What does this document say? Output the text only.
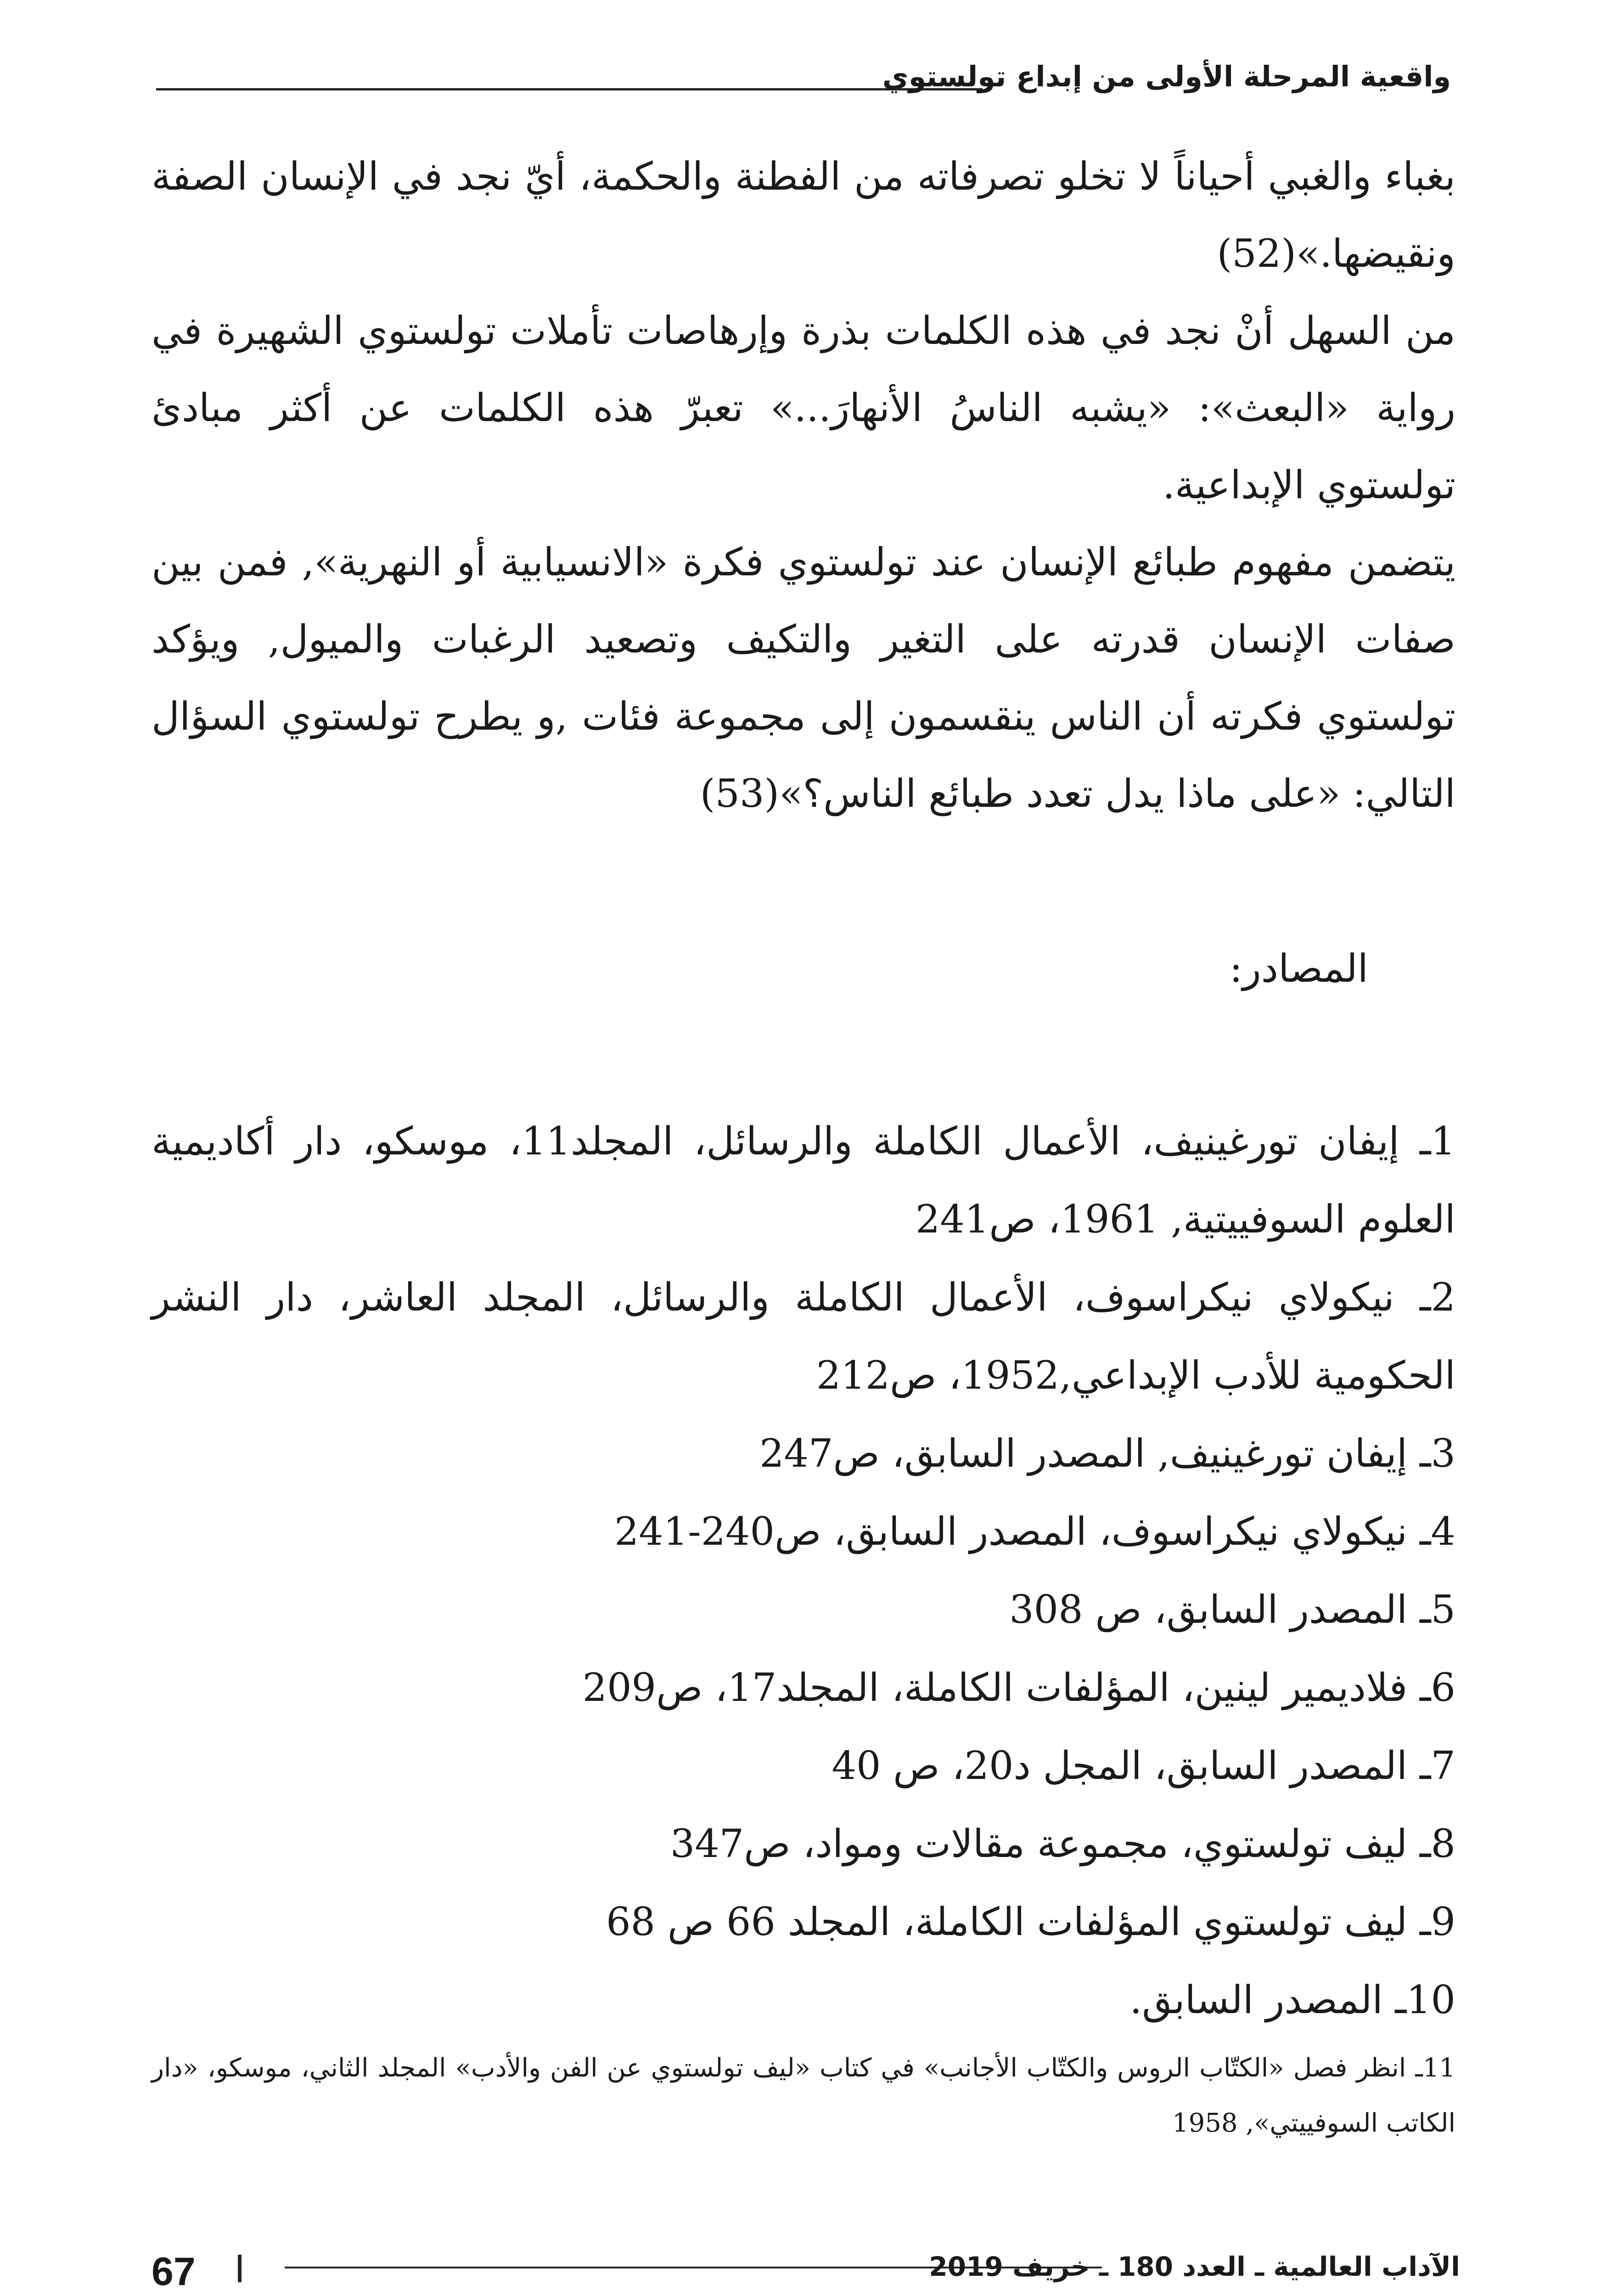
واقعية المرحلة الأولى من إبداع تولستوي

بغباء والغبي أحياناً لا تخلو تصرفاته من الفطنة والحكمة، أيّ نجد في الإنسان الصفة ونقيضها.»(52)

من السهل أنْ نجد في هذه الكلمات بذرة وإرهاصات تأملات تولستوي الشهيرة في رواية «البعث»: «يشبه الناسُ الأنهارَ...» تعبرّ هذه الكلمات عن أكثر مبادئ تولستوي الإبداعية.

يتضمن مفهوم طبائع الإنسان عند تولستوي فكرة «الانسيابية أو النهرية», فمن بين صفات الإنسان قدرته على التغير والتكيف وتصعيد الرغبات والميول, ويؤكد تولستوي فكرته أن الناس ينقسمون إلى مجموعة فئات ,و يطرح تولستوي السؤال التالي: «على ماذا يدل تعدد طبائع الناس؟»(53)

المصادر:

1ـ إيفان تورغينيف، الأعمال الكاملة والرسائل، المجلد11، موسكو، دار أكاديمية العلوم السوفييتية, 1961، ص241

2ـ نيكولاي نيكراسوف، الأعمال الكاملة والرسائل، المجلد العاشر، دار النشر الحكومية للأدب الإبداعي,1952، ص212

3ـ إيفان تورغينيف, المصدر السابق، ص247

4ـ نيكولاي نيكراسوف، المصدر السابق، ص240-241

5ـ المصدر السابق، ص 308

6ـ فلاديمير لينين، المؤلفات الكاملة، المجلد17، ص209

7ـ المصدر السابق، المجل د20، ص 40

8ـ ليف تولستوي، مجموعة مقالات ومواد، ص347

9ـ ليف تولستوي المؤلفات الكاملة، المجلد 66 ص 68

10ـ المصدر السابق.

11ـ انظر فصل «الكتّاب الروس والكتّاب الأجانب» في كتاب «ليف تولستوي عن الفن والأدب» المجلد الثاني، موسكو، «دار الكاتب السوفييتي», 1958

67	الآداب العالمية ـ العدد 180 ـ خريف 2019
